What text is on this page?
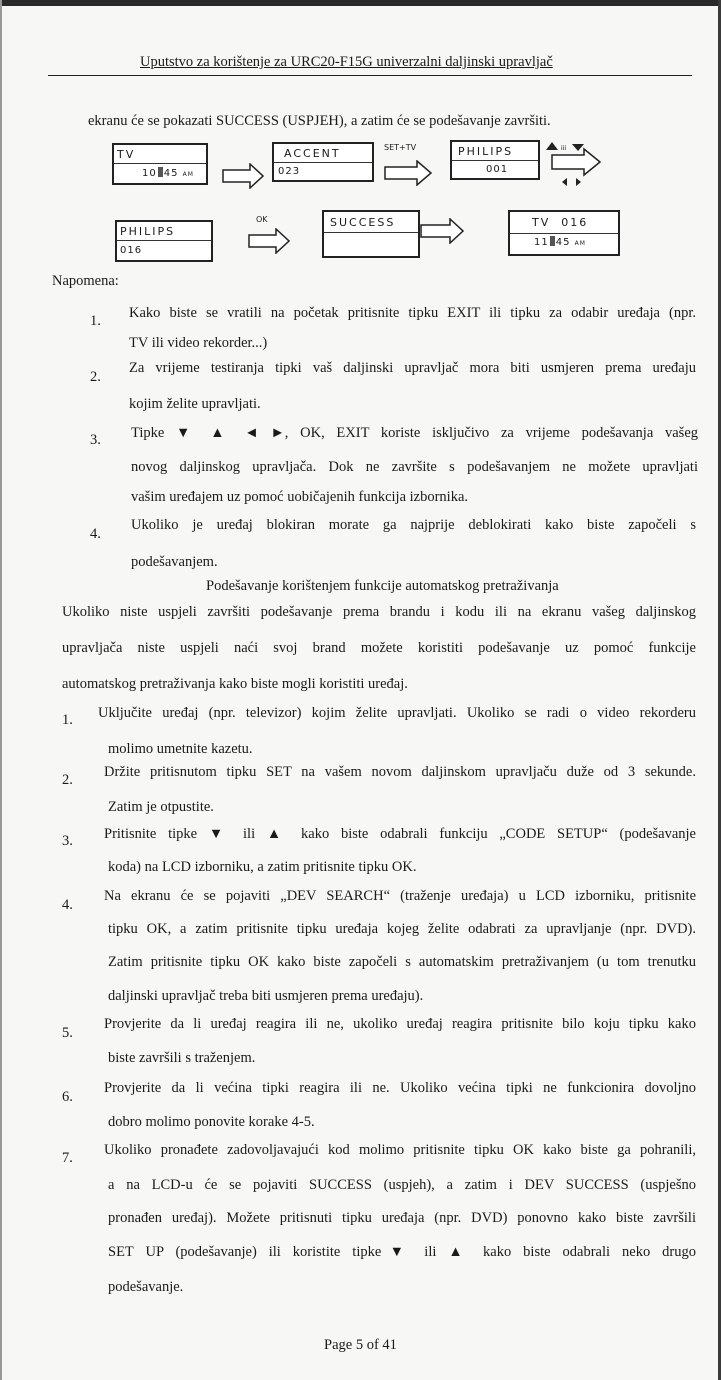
Uputstvo za korištenje za URC20-F15G univerzalni daljinski upravljač
ekranu će se pokazati SUCCESS (USPJEH), a zatim će se podešavanje završiti.
TV
10 45 AM
ACCENT
023
SET+TV	PHILIPS
001
iii
PHILIPS
016
OK	SUCCESS	TV  016
11 45 AM
Napomena:
1. Kako biste se vratili na početak pritisnite tipku EXIT ili tipku za odabir uređaja (npr.
TV ili video rekorder...)
2.
Za vrijeme testiranja tipki vaš daljinski upravljač mora biti usmjeren prema uređaju
kojim želite upravljati.
3. Tipke ▼ ▲ ◄ ►, OK, EXIT koriste isključivo za vrijeme podešavanja vašeg
novog daljinskog upravljača. Dok ne završite s podešavanjem ne možete upravljati
vašim uređajem uz pomoć uobičajenih funkcija izbornika.
4.
Ukoliko je uređaj blokiran morate ga najprije deblokirati kako biste započeli s
podešavanjem.
Podešavanje korištenjem funkcije automatskog pretraživanja
Ukoliko niste uspjeli završiti podešavanje prema brandu i kodu ili na ekranu vašeg daljinskog
upravljača niste uspjeli naći svoj brand možete koristiti podešavanje uz pomoć funkcije
automatskog pretraživanja kako biste mogli koristiti uređaj.
1. Uključite uređaj (npr. televizor) kojim želite upravljati. Ukoliko se radi o video rekorderu
molimo umetnite kazetu.
2. Držite pritisnutom tipku SET na vašem novom daljinskom upravljaču duže od 3 sekunde.
Zatim je otpustite.
3. Pritisnite tipke ▼ ili ▲ kako biste odabrali funkciju „CODE SETUP“ (podešavanje
koda) na LCD izborniku, a zatim pritisnite tipku OK.
4.
Na ekranu će se pojaviti „DEV SEARCH“ (traženje uređaja) u LCD izborniku, pritisnite
tipku OK, a zatim pritisnite tipku uređaja kojeg želite odabrati za upravljanje (npr. DVD).
Zatim pritisnite tipku OK kako biste započeli s automatskim pretraživanjem (u tom trenutku
daljinski upravljač treba biti usmjeren prema uređaju).
5.
Provjerite da li uređaj reagira ili ne, ukoliko uređaj reagira pritisnite bilo koju tipku kako
biste završili s traženjem.
6.
Provjerite da li većina tipki reagira ili ne. Ukoliko većina tipki ne funkcionira dovoljno
dobro molimo ponovite korake 4-5.
7. Ukoliko pronađete zadovoljavajući kod molimo pritisnite tipku OK kako biste ga pohranili,
a na LCD-u će se pojaviti SUCCESS (uspjeh), a zatim i DEV SUCCESS (uspješno
pronađen uređaj). Možete pritisnuti tipku uređaja (npr. DVD) ponovno kako biste završili
SET UP (podešavanje) ili koristite tipke▼ ili ▲ kako biste odabrali neko drugo
podešavanje.
Page 5 of 41
